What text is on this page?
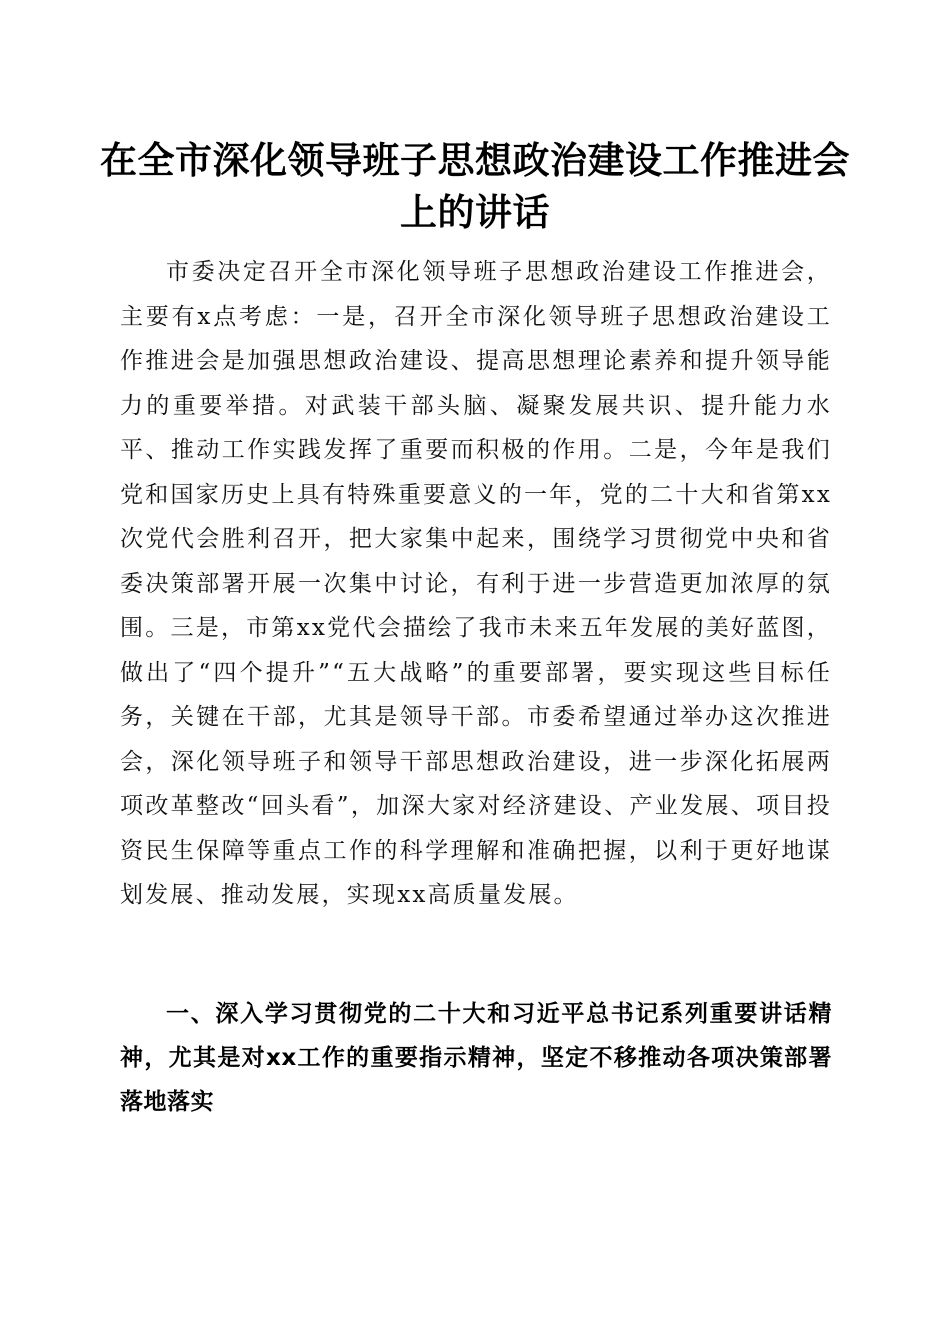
在全市深化领导班子思想政治建设工作推进会上的讲话

市委决定召开全市深化领导班子思想政治建设工作推进会，主要有x点考虑：一是，召开全市深化领导班子思想政治建设工作推进会是加强思想政治建设、提高思想理论素养和提升领导能力的重要举措。对武装干部头脑、凝聚发展共识、提升能力水平、推动工作实践发挥了重要而积极的作用。二是，今年是我们党和国家历史上具有特殊重要意义的一年，党的二十大和省第xx次党代会胜利召开，把大家集中起来，围绕学习贯彻党中央和省委决策部署开展一次集中讨论，有利于进一步营造更加浓厚的氛围。三是，市第xx党代会描绘了我市未来五年发展的美好蓝图，做出了“四个提升”“五大战略”的重要部署，要实现这些目标任务，关键在干部，尤其是领导干部。市委希望通过举办这次推进会，深化领导班子和领导干部思想政治建设，进一步深化拓展两项改革整改“回头看”，加深大家对经济建设、产业发展、项目投资民生保障等重点工作的科学理解和准确把握，以利于更好地谋划发展、推动发展，实现xx高质量发展。

一、深入学习贯彻党的二十大和习近平总书记系列重要讲话精神，尤其是对xx工作的重要指示精神，坚定不移推动各项决策部署落地落实
